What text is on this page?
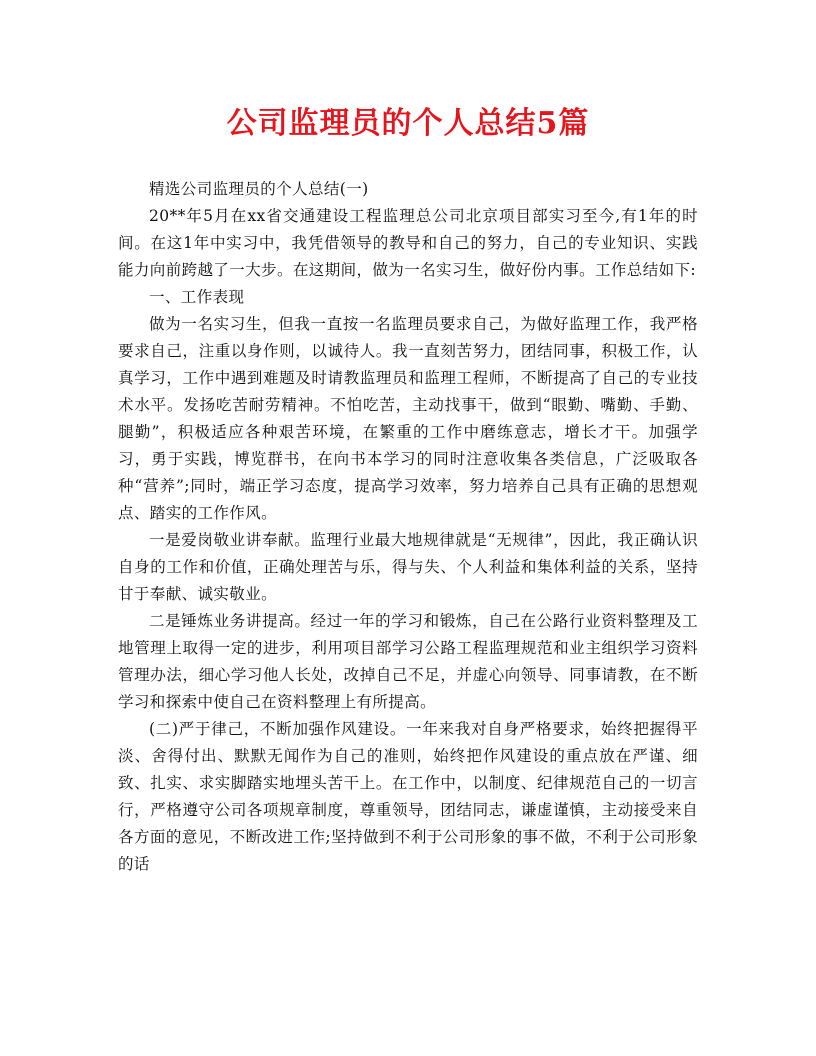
公司监理员的个人总结5篇

精选公司监理员的个人总结(一)

20**年5月在xx省交通建设工程监理总公司北京项目部实习至今,有1年的时间。在这1年中实习中，我凭借领导的教导和自己的努力，自己的专业知识、实践能力向前跨越了一大步。在这期间，做为一名实习生，做好份内事。工作总结如下:

一、工作表现

做为一名实习生，但我一直按一名监理员要求自己，为做好监理工作，我严格要求自己，注重以身作则，以诚待人。我一直刻苦努力，团结同事，积极工作，认真学习，工作中遇到难题及时请教监理员和监理工程师，不断提高了自己的专业技术水平。发扬吃苦耐劳精神。不怕吃苦，主动找事干，做到“眼勤、嘴勤、手勤、腿勤”，积极适应各种艰苦环境，在繁重的工作中磨练意志，增长才干。加强学习，勇于实践，博览群书，在向书本学习的同时注意收集各类信息，广泛吸取各种“营养”;同时，端正学习态度，提高学习效率，努力培养自己具有正确的思想观点、踏实的工作作风。

一是爱岗敬业讲奉献。监理行业最大地规律就是“无规律”，因此，我正确认识自身的工作和价值，正确处理苦与乐，得与失、个人利益和集体利益的关系，坚持甘于奉献、诚实敬业。

二是锤炼业务讲提高。经过一年的学习和锻炼，自己在公路行业资料整理及工地管理上取得一定的进步，利用项目部学习公路工程监理规范和业主组织学习资料管理办法，细心学习他人长处，改掉自己不足，并虚心向领导、同事请教，在不断学习和探索中使自己在资料整理上有所提高。

(二)严于律己，不断加强作风建设。一年来我对自身严格要求，始终把握得平淡、舍得付出、默默无闻作为自己的准则，始终把作风建设的重点放在严谨、细致、扎实、求实脚踏实地埋头苦干上。在工作中，以制度、纪律规范自己的一切言行，严格遵守公司各项规章制度，尊重领导，团结同志，谦虚谨慎，主动接受来自各方面的意见，不断改进工作;坚持做到不利于公司形象的事不做，不利于公司形象的话
